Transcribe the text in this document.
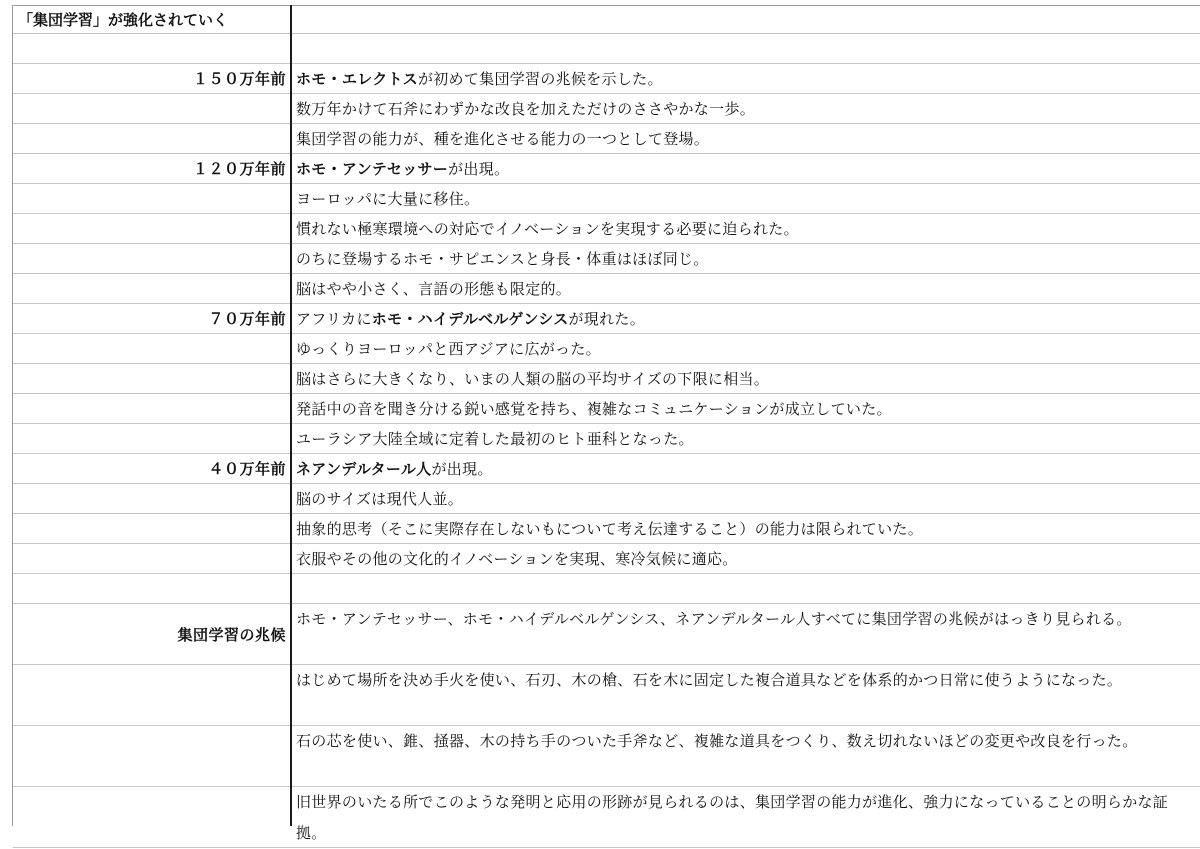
「集団学習」 が強化されていく
１５０万年前 ホモ・エレクトスが初めて集団学習の兆候を示した。
数万年かけて石斧にわずかな改良を加えただけのささやかな一歩。
集団学習の能力が、種を進化させる能力の一つとして登場。
１２０万年前 ホモ・アンテセッサーが出現。
ヨーロッパに大量に移住。
慣れない極寒環境への対応でイノベーションを実現する必要に迫られた。
のちに登場するホモ・サピエンスと身長・体重はほぼ同じ。
脳はやや小さく、言語の形態も限定的。
７０万年前 アフリカにホモ・ハイデルベルゲンシスが現れた。
ゆっくりヨーロッパと西アジアに広がった。
脳はさらに大きくなり、いまの人類の脳の平均サイズの下限に相当。
発話中の音を聞き分ける鋭い感覚を持ち、複雑なコミュニケーションが成立していた。
ユーラシア大陸全域に定着した最初のヒト亜科となった。
４０万年前 ネアンデルタール人が出現。
脳のサイズは現代人並。
抽象的思考（そこに実際存在しないもについて考え伝達すること）の能力は限られていた。
衣服やその他の文化的イノベーションを実現、寒冷気候に適応。
集団学習の兆候
ホモ・アンテセッサー、ホモ・ハイデルベルゲンシス、ネアンデルタール人すべてに集団学習の兆候がはっきり見られる。
はじめて場所を決め手火を使い、石刃、木の槍、石を木に固定した複合道具などを体系的かつ日常に使うようになった。
石の芯を使い、錐、掻器、木の持ち手のついた手斧など、複雑な道具をつくり、数え切れないほどの変更や改良を行った。
旧世界のいたる所でこのような発明と応用の形跡が見られるのは、集団学習の能力が進化、強力になっていることの明らかな証拠。
